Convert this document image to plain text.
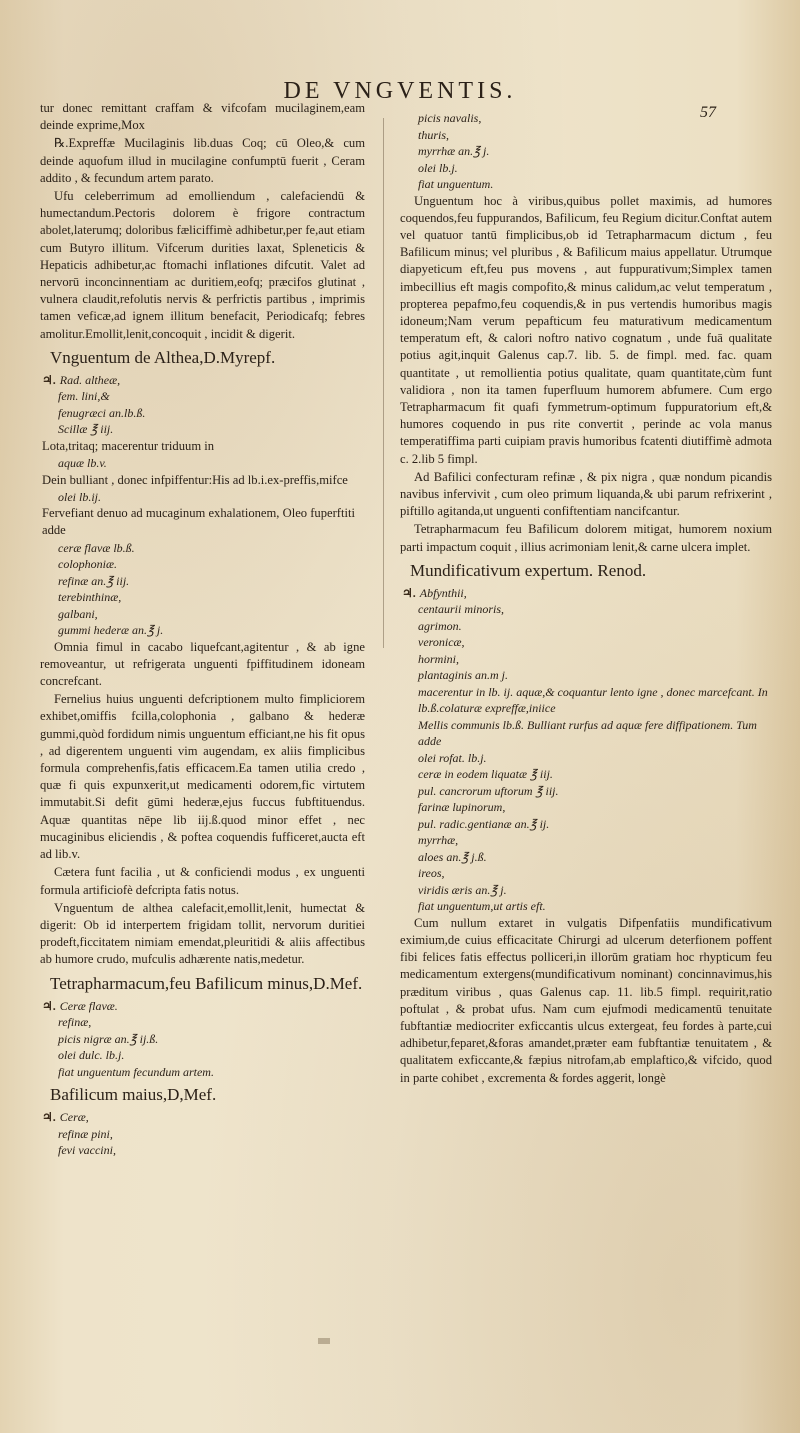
DE VNGVENTIS.
57

tur donec remittant craffam & vifcofam mucilaginem,eam deinde exprime,Mox

℞.Expreffæ Mucilaginis lib.duas Coq; cū Oleo,& cum deinde aquofum illud in mucilagine confumptū fuerit , Ceram addito , & fecundum artem parato.

Ufu celeberrimum ad emolliendum , calefaciendū & humectandum.Pectoris dolorem è frigore contractum abolet,laterumq; doloribus fæliciffimè adhibetur,per fe,aut etiam cum Butyro illitum. Vifcerum durities laxat, Spleneticis & Hepaticis adhibetur,ac ftomachi inflationes difcutit. Valet ad nervorū inconcinnentiam ac duritiem,eofq; præcifos glutinat , vulnera claudit,refolutis nervis & perfrictis partibus , imprimis tamen veficæ,ad ignem illitum benefacit, Periodicafq; febres amolitur.Emollit,lenit,concoquit , incidit & digerit.

Vnguentum de Althea,D.Myrepf.
♃. Rad. altheæ,
fem. lini,&
fenugræci an.lb.ß.
Scillæ ℥ iij.
Lota,tritaq; macerentur triduum in
aquæ lb.v.
Dein bulliant , donec infpiffentur:His ad lb.i.ex-preffis,mifce
olei lb.ij.
Fervefiant denuo ad mucaginum exhalationem, Oleo fuperftiti adde
ceræ flavæ lb.ß.
colophoniæ.
refinæ an.℥ iij.
terebinthinæ,
galbani,
gummi hederæ an.℥ j.

Omnia fimul in cacabo liquefcant,agitentur , & ab igne removeantur, ut refrigerata unguenti fpiffitudinem idoneam concrefcant.

Fernelius huius unguenti defcriptionem multo fimpliciorem exhibet,omiffis fcilla,colophonia , galbano & hederæ gummi,quòd fordidum nimis unguentum efficiant,ne his fit opus , ad digerentem unguenti vim augendam, ex aliis fimplicibus formula comprehenfis,fatis efficacem.Ea tamen utilia credo , quæ fi quis expunxerit,ut medicamenti odorem,fic virtutem immutabit.Si defit gūmi hederæ,ejus fuccus fubftituendus. Aquæ quantitas nēpe lib iij.ß.quod minor effet , nec mucaginibus eliciendis , & poftea coquendis fufficeret,aucta eft ad lib.v.

Cætera funt facilia , ut & conficiendi modus , ex unguenti formula artificiofè defcripta fatis notus.

Vnguentum de althea calefacit,emollit,lenit, humectat & digerit: Ob id interpertem frigidam tollit, nervorum duritiei prodeft,ficcitatem nimiam emendat,pleuritidi & aliis affectibus ab humore crudo, mufculis adhærente natis,medetur.

Tetrapharmacum,feu Bafilicum minus,D.Mef.
♃. Ceræ flavæ.
refinæ,
picis nigræ an.℥ ij.ß.
olei dulc. lb.j.
fiat unguentum fecundum artem.
Bafilicum maius,D,Mef.
♃. Ceræ,
refinæ pini,
fevi vaccini,
picis navalis,
thuris,
myrrhæ an.℥ j.
olei lb.j.
fiat unguentum.

Unguentum hoc à viribus,quibus pollet maximis, ad humores coquendos,feu fuppurandos, Bafilicum, feu Regium dicitur.Conftat autem vel quatuor tantū fimplicibus,ob id Tetrapharmacum dictum , feu Bafilicum minus; vel pluribus , & Bafilicum maius appellatur. Utrumque diapyeticum eft,feu pus movens , aut fuppurativum;Simplex tamen imbecillius eft magis compofito,& minus calidum,ac velut temperatum , propterea pepafmo,feu coquendis,& in pus vertendis humoribus magis idoneum;Nam verum pepafticum feu maturativum medicamentum temperatum eft, & calori noftro nativo cognatum , unde fuā qualitate potius agit,inquit Galenus cap.7. lib. 5. de fimpl. med. fac. quam quantitate , ut remollientia potius qualitate, quam quantitate,cùm funt validiora , non ita tamen fuperfluum humorem abfumere. Cum ergo Tetrapharmacum fit quafi fymmetrum-optimum fuppuratorium eft,& humores coquendo in pus rite convertit , perinde ac vola manus temperatiffima parti cuipiam pravis humoribus fcatenti diutiffimè admota c. 2.lib 5 fimpl.

Ad Bafilici confecturam refinæ , & pix nigra , quæ nondum picandis navibus infervivit , cum oleo primum liquanda,& ubi parum refrixerint , piftillo agitanda,ut unguenti confiftentiam nancifcantur.

Tetrapharmacum feu Bafilicum dolorem mitigat, humorem noxium parti impactum coquit , illius acrimoniam lenit,& carne ulcera implet.

Mundificativum expertum. Renod.
♃. Abfynthii,
centaurii minoris,
agrimon.
veronicæ,
hormini,
plantaginis an.m j.
macerentur in lb. ij. aquæ,& coquantur lento igne , donec marcefcant. In lb.ß.colaturæ expreffæ,iniice
Mellis communis lb.ß. Bulliant rurfus ad aquæ fere diffipationem. Tum adde
olei rofat. lb.j.
ceræ in eodem liquatæ ℥ iij.
pul. cancrorum uftorum ℥ iij.
farinæ lupinorum,
pul. radic.gentianæ an.℥ ij.
myrrhæ,
aloes an.℥ j.ß.
ireos,
viridis æris an.℥ j.
fiat unguentum,ut artis eft.

Cum nullum extaret in vulgatis Difpenfatiis mundificativum eximium,de cuius efficacitate Chirurgi ad ulcerum deterfionem poffent fibi felices fatis effectus polliceri,in illorūm gratiam hoc rhypticum feu medicamentum extergens(mundificativum nominant) concinnavimus,his præditum viribus , quas Galenus cap. 11. lib.5 fimpl. requirit,ratio poftulat , & probat ufus. Nam cum ejufmodi medicamentū tenuitate fubftantiæ mediocriter exficcantis ulcus extergeat, feu fordes à parte,cui adhibetur,feparet,&foras amandet,præter eam fubftantiæ tenuitatem , & qualitatem exficcante,& fæpius nitrofam,ab emplaftico,& vifcido, quod in parte cohibet , excrementa & fordes aggerit, longè
